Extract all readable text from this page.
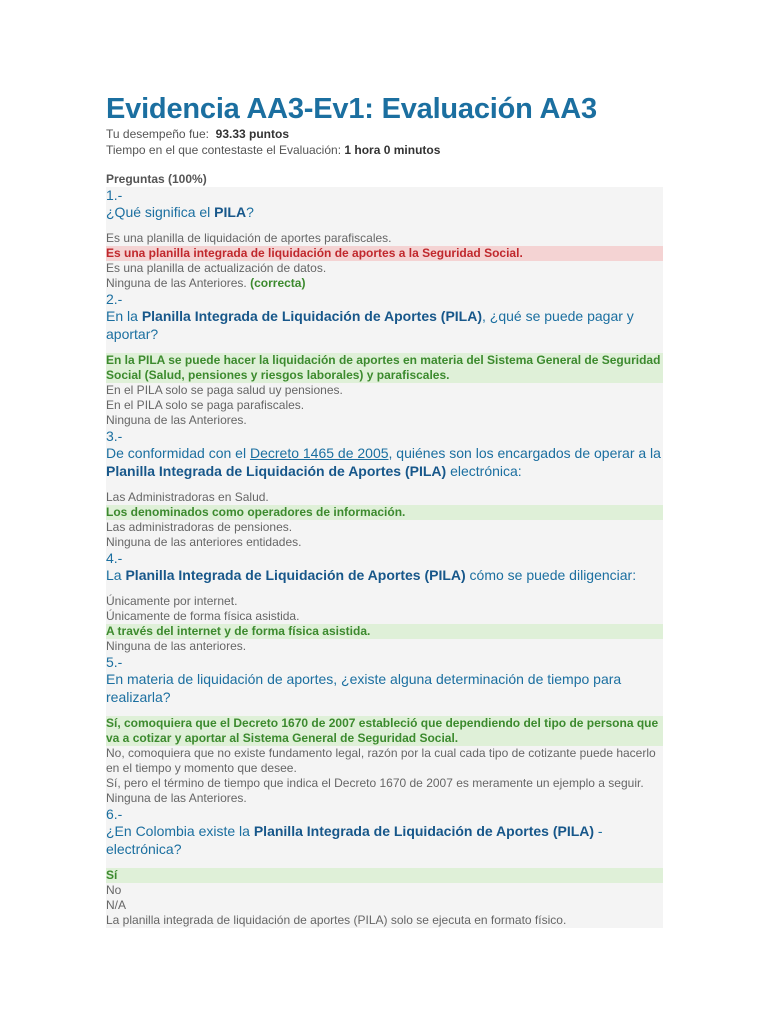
Evidencia AA3-Ev1: Evaluación AA3
Tu desempeño fue: 93.33 puntos
Tiempo en el que contestaste el Evaluación: 1 hora 0 minutos
Preguntas (100%)
1.-
¿Qué significa el PILA?
Es una planilla de liquidación de aportes parafiscales.
Es una planilla integrada de liquidación de aportes a la Seguridad Social.
Es una planilla de actualización de datos.
Ninguna de las Anteriores. (correcta)
2.-
En la Planilla Integrada de Liquidación de Aportes (PILA), ¿qué se puede pagar y aportar?
En la PILA se puede hacer la liquidación de aportes en materia del Sistema General de Seguridad Social (Salud, pensiones y riesgos laborales) y parafiscales.
En el PILA solo se paga salud uy pensiones.
En el PILA solo se paga parafiscales.
Ninguna de las Anteriores.
3.-
De conformidad con el Decreto 1465 de 2005, quiénes son los encargados de operar a la Planilla Integrada de Liquidación de Aportes (PILA) electrónica:
Las Administradoras en Salud.
Los denominados como operadores de información.
Las administradoras de pensiones.
Ninguna de las anteriores entidades.
4.-
La Planilla Integrada de Liquidación de Aportes (PILA) cómo se puede diligenciar:
Únicamente por internet.
Únicamente de forma física asistida.
A través del internet y de forma física asistida.
Ninguna de las anteriores.
5.-
En materia de liquidación de aportes, ¿existe alguna determinación de tiempo para realizarla?
Sí, comoquiera que el Decreto 1670 de 2007 estableció que dependiendo del tipo de persona que va a cotizar y aportar al Sistema General de Seguridad Social.
No, comoquiera que no existe fundamento legal, razón por la cual cada tipo de cotizante puede hacerlo en el tiempo y momento que desee.
Sí, pero el término de tiempo que indica el Decreto 1670 de 2007 es meramente un ejemplo a seguir.
Ninguna de las Anteriores.
6.-
¿En Colombia existe la Planilla Integrada de Liquidación de Aportes (PILA) - electrónica?
Sí
No
N/A
La planilla integrada de liquidación de aportes (PILA) solo se ejecuta en formato físico.
